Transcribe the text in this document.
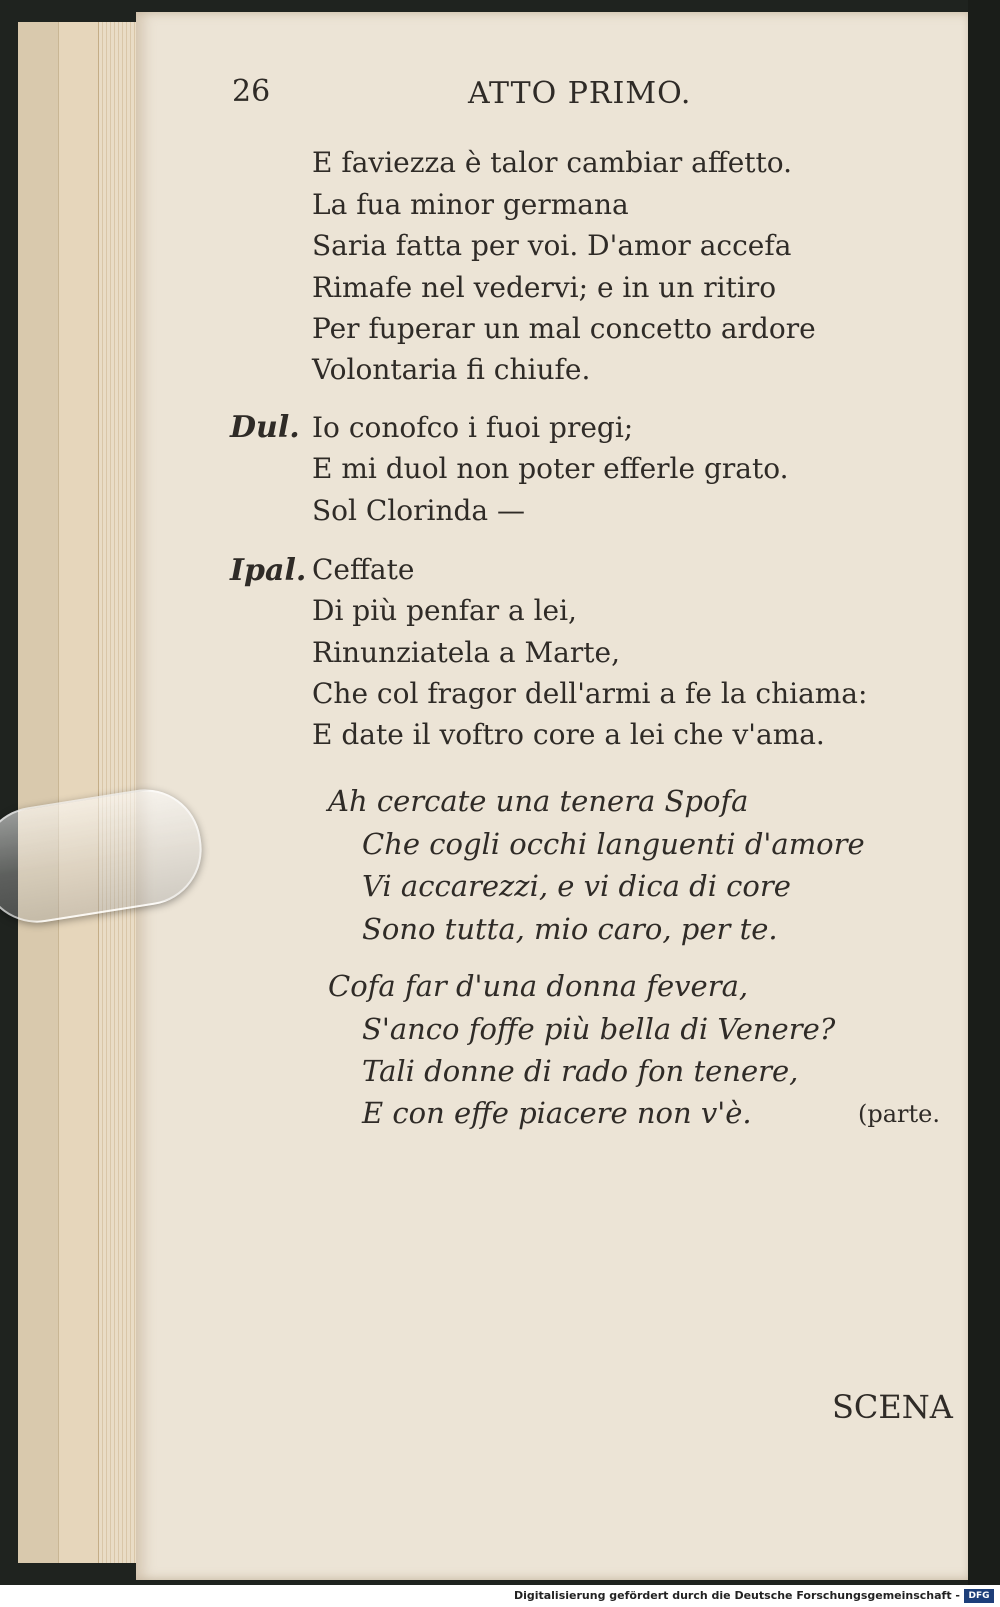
26	ATTO PRIMO.
E faviezza è talor cambiar affetto.
La fua minor germana
Saria fatta per voi. D'amor accefa
Rimafe nel vedervi; e in un ritiro
Per fuperar un mal concetto ardore
Volontaria fi chiufe.
Dul. Io conofco i fuoi pregi;
E mi duol non poter efferle grato.
Sol Clorinda —
Ipal. Ceffate
Di più penfar a lei,
Rinunziatela a Marte,
Che col fragor dell'armi a fe la chiama:
E date il voftro core a lei che v'ama.
Ah cercate una tenera Spofa
Che cogli occhi languenti d'amore
Vi accarezzi, e vi dica di core
Sono tutta, mio caro, per te.
Cofa far d'una donna fevera,
S'anco foffe più bella di Venere?
Tali donne di rado fon tenere,
E con effe piacere non v'è.	(parte.
SCENA
Digitalisierung gefördert durch die Deutsche Forschungsgemeinschaft - DFG
